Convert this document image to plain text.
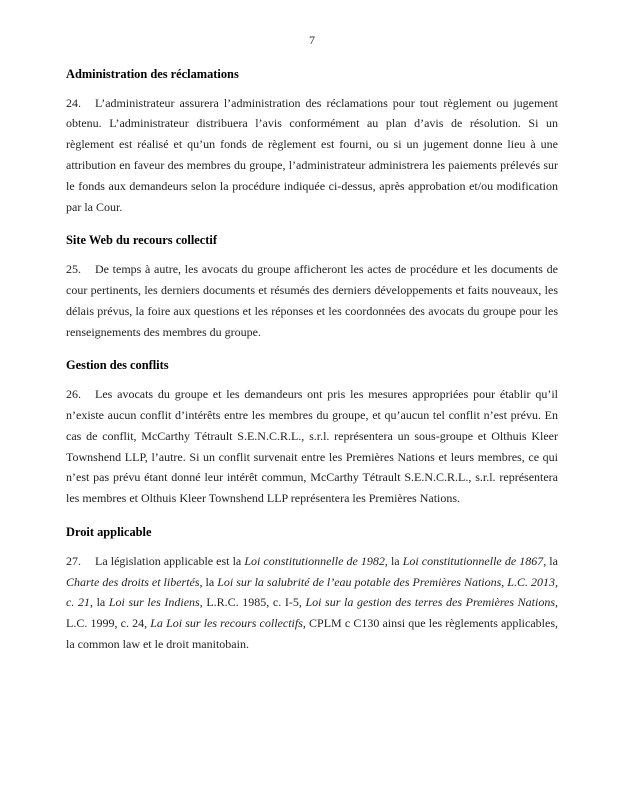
7
Administration des réclamations

24. L’administrateur assurera l’administration des réclamations pour tout règlement ou jugement obtenu. L’administrateur distribuera l’avis conformément au plan d’avis de résolution. Si un règlement est réalisé et qu’un fonds de règlement est fourni, ou si un jugement donne lieu à une attribution en faveur des membres du groupe, l’administrateur administrera les paiements prélevés sur le fonds aux demandeurs selon la procédure indiquée ci-dessus, après approbation et/ou modification par la Cour.

Site Web du recours collectif

25. De temps à autre, les avocats du groupe afficheront les actes de procédure et les documents de cour pertinents, les derniers documents et résumés des derniers développements et faits nouveaux, les délais prévus, la foire aux questions et les réponses et les coordonnées des avocats du groupe pour les renseignements des membres du groupe.

Gestion des conflits

26. Les avocats du groupe et les demandeurs ont pris les mesures appropriées pour établir qu’il n’existe aucun conflit d’intérêts entre les membres du groupe, et qu’aucun tel conflit n’est prévu. En cas de conflit, McCarthy Tétrault S.E.N.C.R.L., s.r.l. représentera un sous-groupe et Olthuis Kleer Townshend LLP, l’autre. Si un conflit survenait entre les Premières Nations et leurs membres, ce qui n’est pas prévu étant donné leur intérêt commun, McCarthy Tétrault S.E.N.C.R.L., s.r.l. représentera les membres et Olthuis Kleer Townshend LLP représentera les Premières Nations.

Droit applicable

27. La législation applicable est la Loi constitutionnelle de 1982, la Loi constitutionnelle de 1867, la Charte des droits et libertés, la Loi sur la salubrité de l’eau potable des Premières Nations, L.C. 2013, c. 21, la Loi sur les Indiens, L.R.C. 1985, c. I-5, Loi sur la gestion des terres des Premières Nations, L.C. 1999, c. 24, La Loi sur les recours collectifs, CPLM c C130 ainsi que les règlements applicables, la common law et le droit manitobain.
